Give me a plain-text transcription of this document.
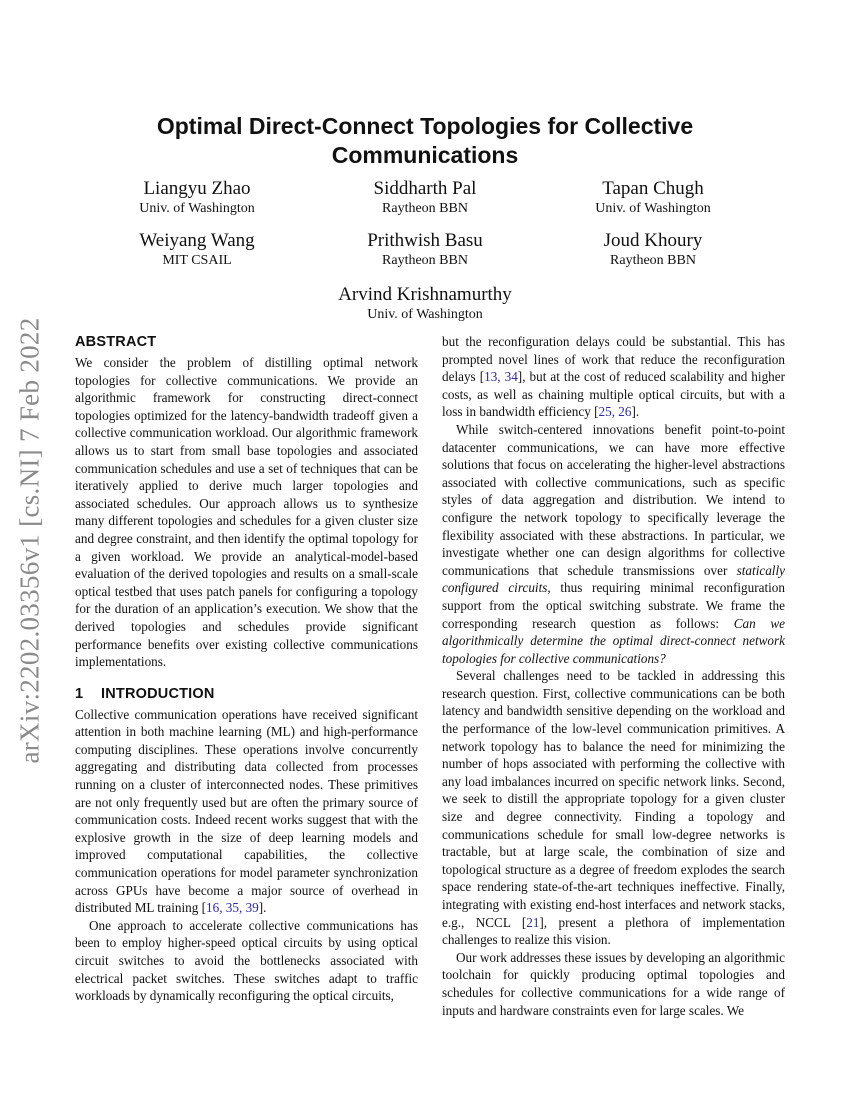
arXiv:2202.03356v1 [cs.NI] 7 Feb 2022
Optimal Direct-Connect Topologies for Collective Communications
Liangyu Zhao
Univ. of Washington
Siddharth Pal
Raytheon BBN
Tapan Chugh
Univ. of Washington
Weiyang Wang
MIT CSAIL
Prithwish Basu
Raytheon BBN
Joud Khoury
Raytheon BBN
Arvind Krishnamurthy
Univ. of Washington
ABSTRACT

We consider the problem of distilling optimal network topologies for collective communications. We provide an algorithmic framework for constructing direct-connect topologies optimized for the latency-bandwidth tradeoff given a collective communication workload. Our algorithmic framework allows us to start from small base topologies and associated communication schedules and use a set of techniques that can be iteratively applied to derive much larger topologies and associated schedules. Our approach allows us to synthesize many different topologies and schedules for a given cluster size and degree constraint, and then identify the optimal topology for a given workload. We provide an analytical-model-based evaluation of the derived topologies and results on a small-scale optical testbed that uses patch panels for configuring a topology for the duration of an application’s execution. We show that the derived topologies and schedules provide significant performance benefits over existing collective communications implementations.

1 INTRODUCTION

Collective communication operations have received significant attention in both machine learning (ML) and high-performance computing disciplines. These operations involve concurrently aggregating and distributing data collected from processes running on a cluster of interconnected nodes. These primitives are not only frequently used but are often the primary source of communication costs. Indeed recent works suggest that with the explosive growth in the size of deep learning models and improved computational capabilities, the collective communication operations for model parameter synchronization across GPUs have become a major source of overhead in distributed ML training [16, 35, 39].

One approach to accelerate collective communications has been to employ higher-speed optical circuits by using optical circuit switches to avoid the bottlenecks associated with electrical packet switches. These switches adapt to traffic workloads by dynamically reconfiguring the optical circuits,

but the reconfiguration delays could be substantial. This has prompted novel lines of work that reduce the reconfiguration delays [13, 34], but at the cost of reduced scalability and higher costs, as well as chaining multiple optical circuits, but with a loss in bandwidth efficiency [25, 26].

While switch-centered innovations benefit point-to-point datacenter communications, we can have more effective solutions that focus on accelerating the higher-level abstractions associated with collective communications, such as specific styles of data aggregation and distribution. We intend to configure the network topology to specifically leverage the flexibility associated with these abstractions. In particular, we investigate whether one can design algorithms for collective communications that schedule transmissions over statically configured circuits, thus requiring minimal reconfiguration support from the optical switching substrate. We frame the corresponding research question as follows: Can we algorithmically determine the optimal direct-connect network topologies for collective communications?

Several challenges need to be tackled in addressing this research question. First, collective communications can be both latency and bandwidth sensitive depending on the workload and the performance of the low-level communication primitives. A network topology has to balance the need for minimizing the number of hops associated with performing the collective with any load imbalances incurred on specific network links. Second, we seek to distill the appropriate topology for a given cluster size and degree connectivity. Finding a topology and communications schedule for small low-degree networks is tractable, but at large scale, the combination of size and topological structure as a degree of freedom explodes the search space rendering state-of-the-art techniques ineffective. Finally, integrating with existing end-host interfaces and network stacks, e.g., NCCL [21], present a plethora of implementation challenges to realize this vision.

Our work addresses these issues by developing an algorithmic toolchain for quickly producing optimal topologies and schedules for collective communications for a wide range of inputs and hardware constraints even for large scales. We
